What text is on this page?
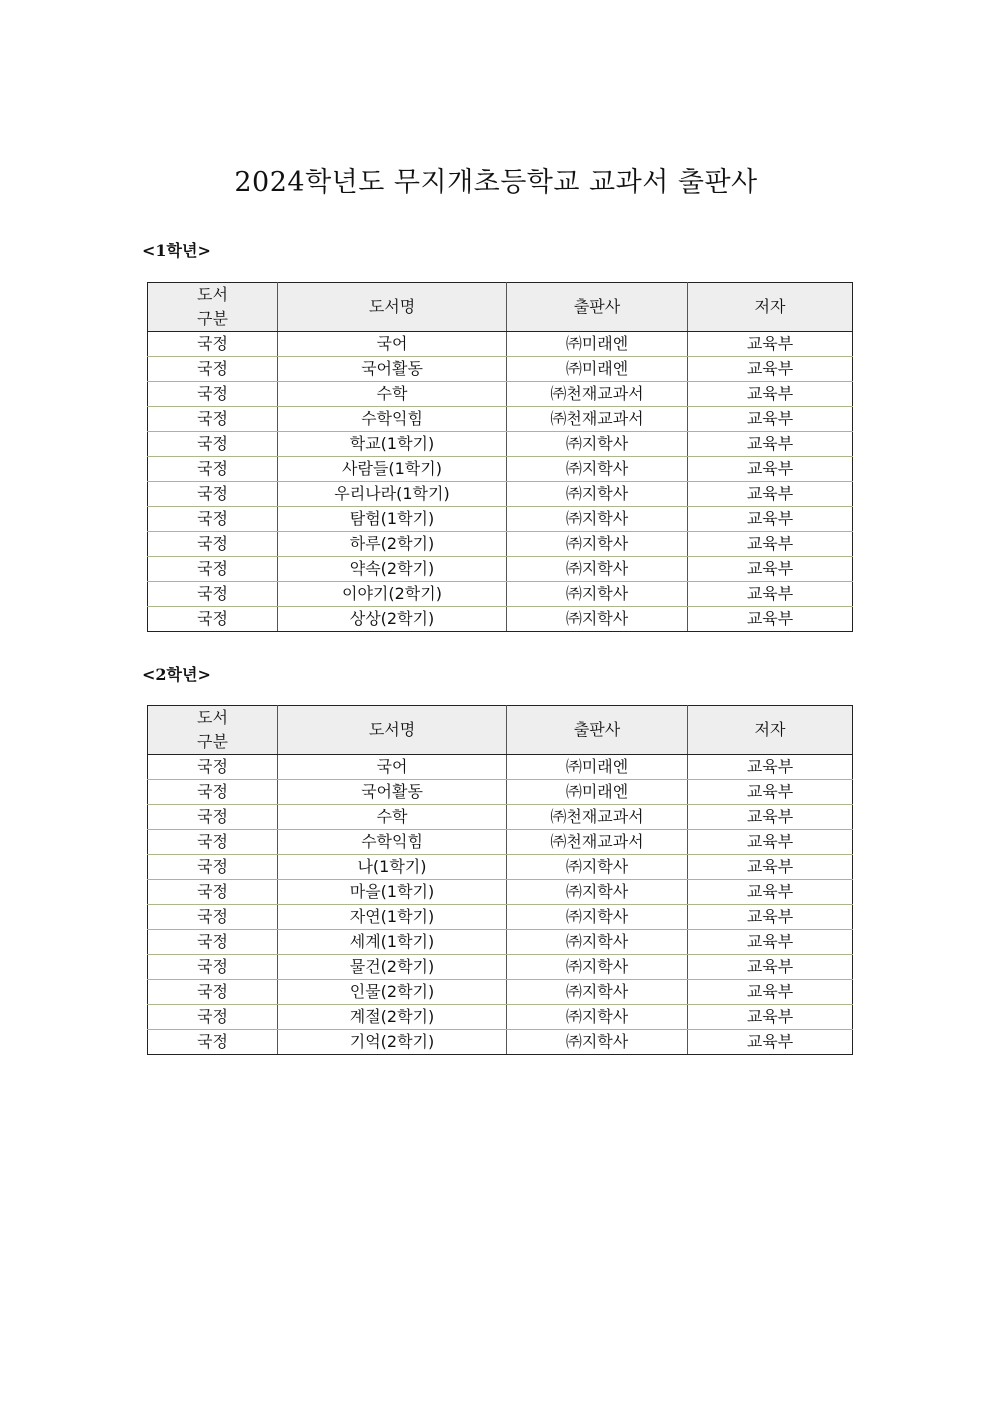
2024학년도 무지개초등학교 교과서 출판사
<1학년>
도서
구분	도서명	출판사	저자

국정	국어	㈜미래엔	교육부
국정	국어활동	㈜미래엔	교육부
국정	수학	㈜천재교과서	교육부
국정	수학익힘	㈜천재교과서	교육부
국정	학교(1학기)	㈜지학사	교육부
국정	사람들(1학기)	㈜지학사	교육부
국정	우리나라(1학기)	㈜지학사	교육부
국정	탐험(1학기)	㈜지학사	교육부
국정	하루(2학기)	㈜지학사	교육부
국정	약속(2학기)	㈜지학사	교육부
국정	이야기(2학기)	㈜지학사	교육부
국정	상상(2학기)	㈜지학사	교육부
<2학년>
도서
구분	도서명	출판사	저자

국정	국어	㈜미래엔	교육부
국정	국어활동	㈜미래엔	교육부
국정	수학	㈜천재교과서	교육부
국정	수학익힘	㈜천재교과서	교육부
국정	나(1학기)	㈜지학사	교육부
국정	마을(1학기)	㈜지학사	교육부
국정	자연(1학기)	㈜지학사	교육부
국정	세계(1학기)	㈜지학사	교육부
국정	물건(2학기)	㈜지학사	교육부
국정	인물(2학기)	㈜지학사	교육부
국정	계절(2학기)	㈜지학사	교육부
국정	기억(2학기)	㈜지학사	교육부
